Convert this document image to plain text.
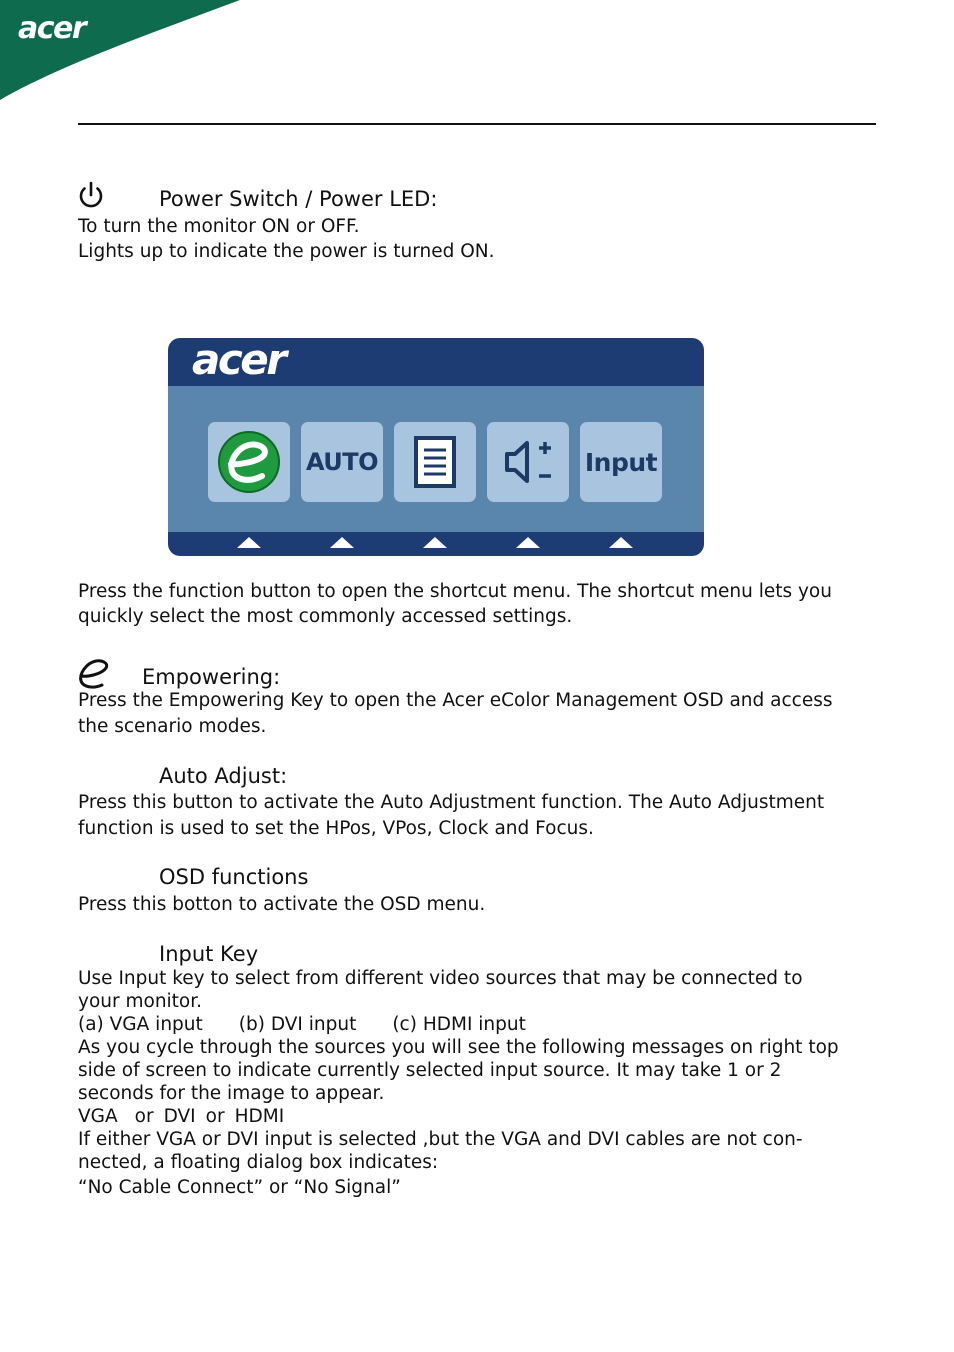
acer
Power Switch / Power LED:
To turn the monitor ON or OFF.
Lights up to indicate the power is turned ON.
acer
AUTO	Input
Press the function button to open the shortcut menu. The shortcut menu lets you
quickly select the most commonly accessed settings.
Empowering:
Press the Empowering Key to open the Acer eColor Management OSD and access
the scenario modes.
Auto Adjust:
Press this button to activate the Auto Adjustment function. The Auto Adjustment
function is used to set the HPos, VPos, Clock and Focus.
OSD functions
Press this botton to activate the OSD menu.
Input Key
Use Input key to select from different video sources that may be connected to
your monitor.
(a) VGA input (b) DVI input (c) HDMI input
As you cycle through the sources you will see the following messages on right top
side of screen to indicate currently selected input source. It may take 1 or 2
seconds for the image to appear.
VGA or DVI or HDMI
If either VGA or DVI input is selected ,but the VGA and DVI cables are not con-
nected, a floating dialog box indicates:
“No Cable Connect” or “No Signal”
